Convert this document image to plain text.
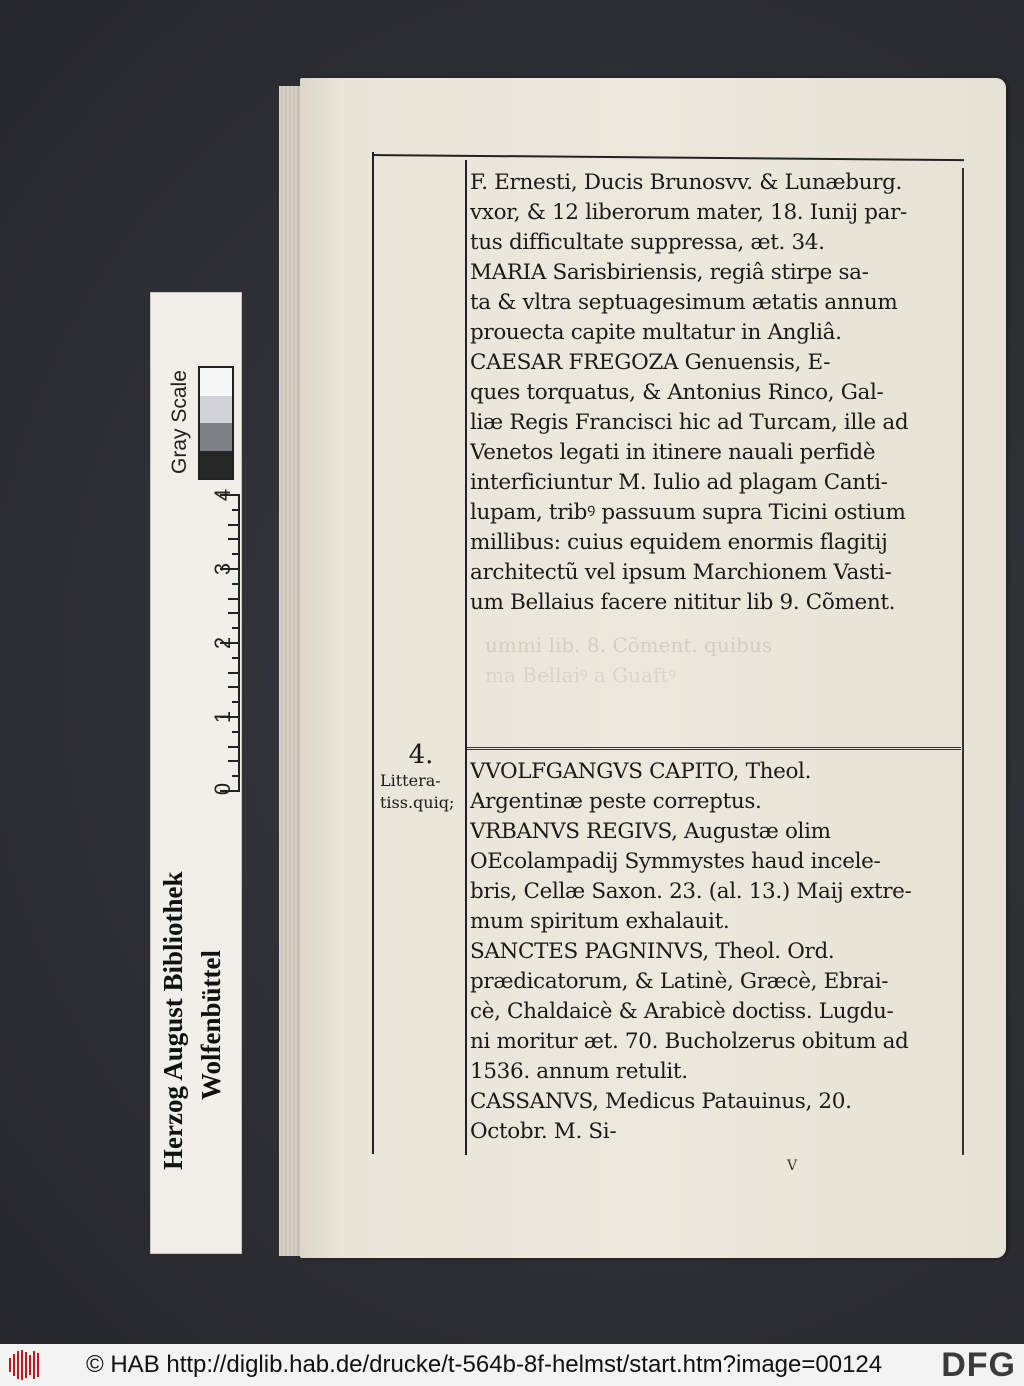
Gray Scale
4
3
2
1
0
Herzog August Bibliothek Wolfenbüttel
ummi lib. 8. Cõment. quibus
ma Bellaiꝰ a Guaftꝰ
F. Ernesti, Ducis Brunosvv. & Lunæburg.
vxor, & 12 liberorum mater, 18. Iunij par-
tus difficultate suppressa, æt. 34.
MARIA Sarisbiriensis, regiâ stirpe sa-
ta & vltra septuagesimum ætatis annum
prouecta capite multatur in Angliâ.
CAESAR FREGOZA Genuensis, E-
ques torquatus, & Antonius Rinco, Gal-
liæ Regis Francisci hic ad Turcam, ille ad
Venetos legati in itinere nauali perfidè
interficiuntur M. Iulio ad plagam Canti-
lupam, tribꝰ passuum supra Ticini ostium
millibus: cuius equidem enormis flagitij
architectũ vel ipsum Marchionem Vasti-
um Bellaius facere nititur lib 9. Cõment.
4.
Littera-
tiss.quiq;
VVOLFGANGVS CAPITO, Theol.
Argentinæ peste correptus.
VRBANVS REGIVS, Augustæ olim
OEcolampadij Symmystes haud incele-
bris, Cellæ Saxon. 23. (al. 13.) Maij extre-
mum spiritum exhalauit.
SANCTES PAGNINVS, Theol. Ord.
prædicatorum, & Latinè, Græcè, Ebrai-
cè, Chaldaicè & Arabicè doctiss. Lugdu-
ni moritur æt. 70. Bucholzerus obitum ad
1536. annum retulit.
CASSANVS, Medicus Patauinus, 20.
Octobr. M. Si-
V
© HAB http://diglib.hab.de/drucke/t-564b-8f-helmst/start.htm?image=00124	DFG
